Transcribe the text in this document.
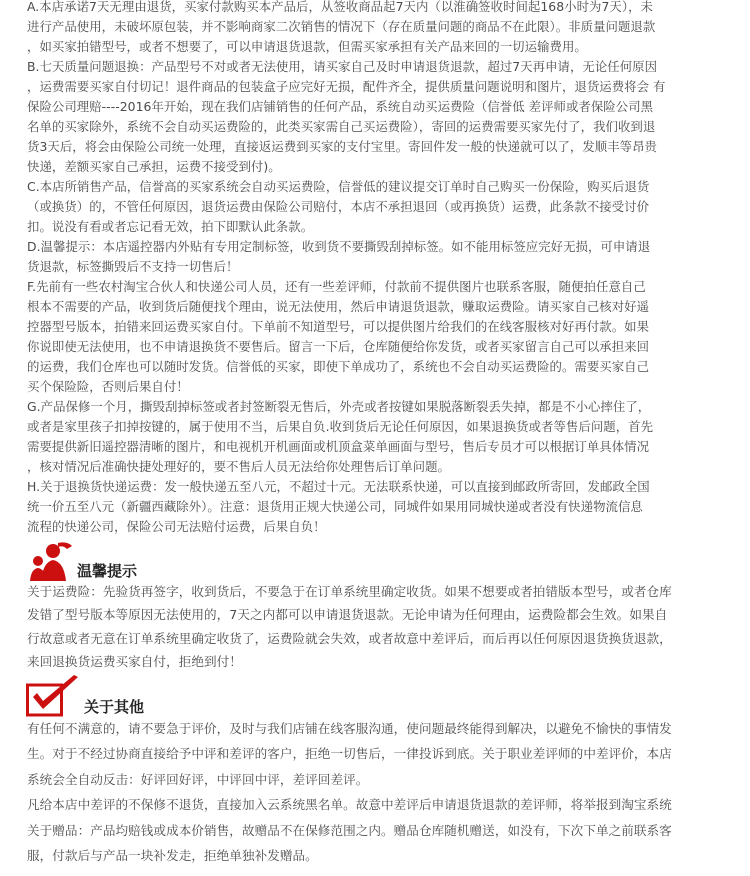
A.本店承诺7天无理由退货，买家付款购买本产品后，从签收商品起7天内（以淮确签收时间起168小时为7天），未
进行产品使用，未破坏原包装，并不影响商家二次销售的情况下（存在质量问题的商品不在此限）。非质量问题退款
，如买家拍错型号，或者不想要了，可以申请退货退款，但需买家承担有关产品来回的一切运输费用。

B.七天质量问题退换：产品型号不对或者无法使用，请买家自己及时申请退货退款，超过7天再申请，无论任何原因
，运费需要买家自付切记！退件商品的包装盒子应完好无损，配件齐全，提供质量问题说明和图片，退货运费将会 有
保险公司理赔----2016年开始，现在我们店铺销售的任何产品，系统自动买运费险（信誉低 差评师或者保险公司黑
名单的买家除外，系统不会自动买运费险的，此类买家需自己买运费险），寄回的运费需要买家先付了，我们收到退
货3天后，将会由保险公司统一处理，直接返运费到买家的支付宝里。寄回件发一般的快递就可以了，发顺丰等昂贵
快递，差额买家自己承担，运费不接受到付)。

C.本店所销售产品，信誉高的买家系统会自动买运费险，信誉低的建议提交订单时自己购买一份保险，购买后退货
（或换货）的，不管任何原因，退货运费由保险公司赔付，本店不承担退回（或再换货）运费，此条款不接受讨价
扣。说没有看或者忘记看无效，拍下即默认此条款。

D.温馨提示：本店遥控器内外贴有专用定制标签，收到货不要撕毁刮掉标签。如不能用标签应完好无损，可申请退
货退款，标签撕毁后不支持一切售后！

F.先前有一些农村淘宝合伙人和快递公司人员，还有一些差评师，付款前不提供图片也联系客服，随便拍任意自己
根本不需要的产品，收到货后随便找个理由，说无法使用，然后申请退货退款，赚取运费险。请买家自己核对好遥
控器型号版本，拍错来回运费买家自付。下单前不知道型号，可以提供图片给我们的在线客服核对好再付款。如果
你说即使无法使用，也不申请退换货不要售后。留言一下后，仓库随便给你发货，或者买家留言自己可以承担来回
的运费，我们仓库也可以随时发货。信誉低的买家，即使下单成功了，系统也不会自动买运费险的。需要买家自己
买个保险险，否则后果自付！

G.产品保修一个月，撕毁刮掉标签或者封签断裂无售后，外壳或者按键如果脱落断裂丢失掉，都是不小心摔住了，
或者是家里孩子扣掉按键的，属于使用不当，后果自负.收到货后无论任何原因，如果退换货或者等售后问题，首先
需要提供新旧遥控器清晰的图片，和电视机开机画面或机顶盒菜单画面与型号，售后专员才可以根据订单具体情况
，核对情况后准确快捷处理好的，要不售后人员无法给你处理售后订单问题。

H.关于退换货快递运费：发一般快递五至八元，不超过十元。无法联系快递，可以直接到邮政所寄回，发邮政全国
统一价五至八元（新疆西藏除外）。注意：退货用正规大快递公司，同城件如果用同城快递或者没有快递物流信息
流程的快递公司，保险公司无法赔付运费，后果自负！

温馨提示

关于运费险：先验货再签字，收到货后，不要急于在订单系统里确定收货。如果不想要或者拍错版本型号，或者仓库
发错了型号版本等原因无法使用的，7天之内都可以申请退货退款。无论申请为任何理由，运费险都会生效。如果自
行故意或者无意在订单系统里确定收货了，运费险就会失效，或者故意中差评后，而后再以任何原因退货换货退款，
来回退换货运费买家自付，拒绝到付！

关于其他

有任何不满意的，请不要急于评价，及时与我们店铺在线客服沟通，使问题最终能得到解决，以避免不愉快的事情发
生。对于不经过协商直接给予中评和差评的客户，拒绝一切售后，一律投诉到底。关于职业差评师的中差评价，本店
系统会全自动反击：好评回好评，中评回中评，差评回差评。
凡给本店中差评的不保修不退货，直接加入云系统黑名单。故意中差评后申请退货退款的差评师，将举报到淘宝系统
关于赠品：产品均赔钱或成本价销售，故赠品不在保修范围之内。赠品仓库随机赠送，如没有，下次下单之前联系客
服，付款后与产品一块补发走，拒绝单独补发赠品。
